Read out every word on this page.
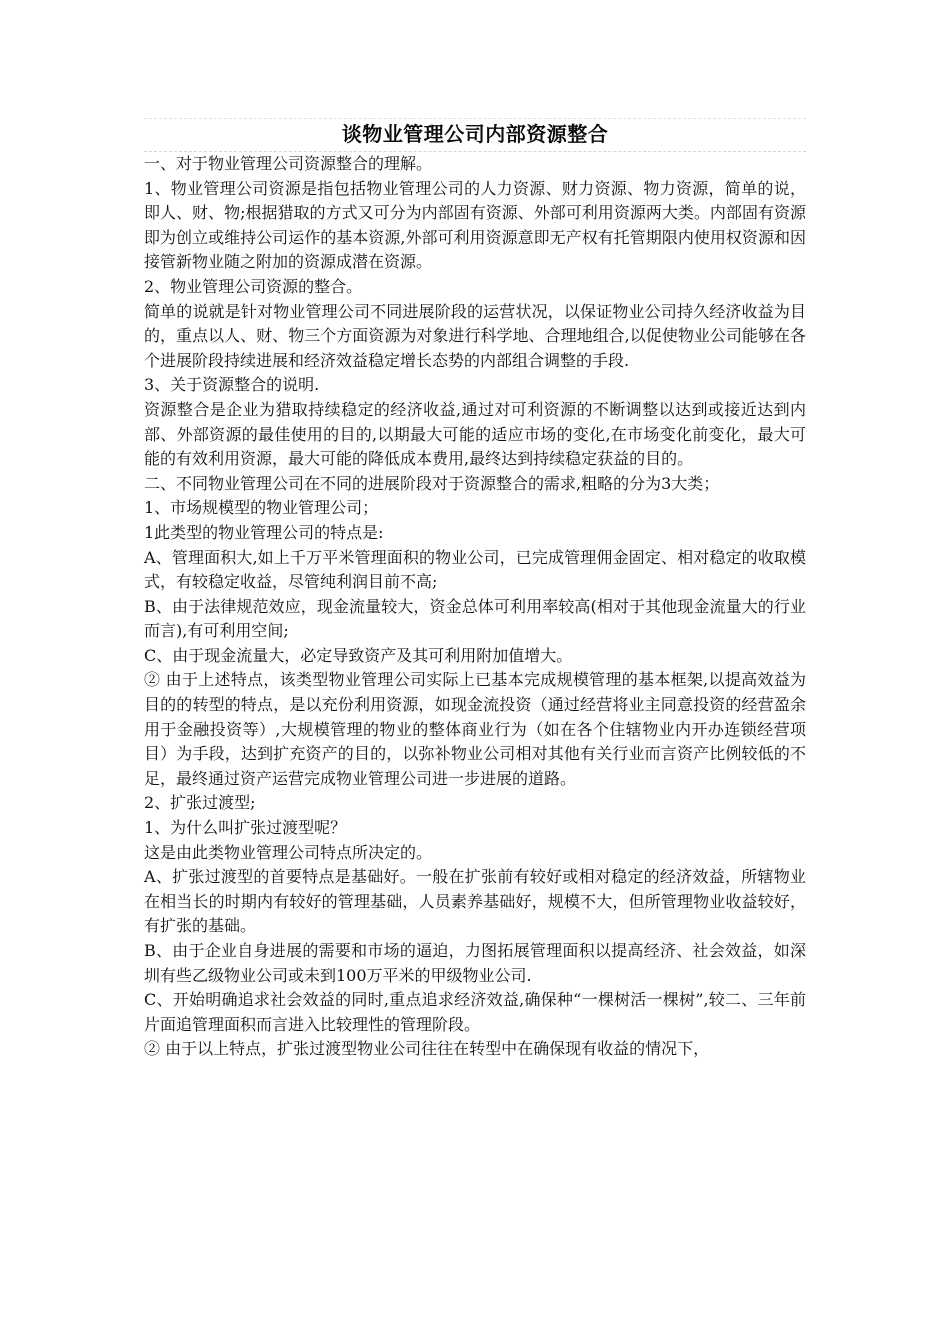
谈物业管理公司内部资源整合

一、对于物业管理公司资源整合的理解。

1、物业管理公司资源是指包括物业管理公司的人力资源、财力资源、物力资源，简单的说，即人、财、物;根据猎取的方式又可分为内部固有资源、外部可利用资源两大类。内部固有资源即为创立或维持公司运作的基本资源,外部可利用资源意即无产权有托管期限内使用权资源和因接管新物业随之附加的资源成潜在资源。

2、物业管理公司资源的整合。

简单的说就是针对物业管理公司不同进展阶段的运营状况，以保证物业公司持久经济收益为目的，重点以人、财、物三个方面资源为对象进行科学地、合理地组合,以促使物业公司能够在各个进展阶段持续进展和经济效益稳定增长态势的内部组合调整的手段.

3、关于资源整合的说明.

资源整合是企业为猎取持续稳定的经济收益,通过对可利资源的不断调整以达到或接近达到内部、外部资源的最佳使用的目的,以期最大可能的适应市场的变化,在市场变化前变化，最大可能的有效利用资源，最大可能的降低成本费用,最终达到持续稳定获益的目的。

二、不同物业管理公司在不同的进展阶段对于资源整合的需求,粗略的分为3大类；

1、市场规模型的物业管理公司；

1此类型的物业管理公司的特点是:

A、管理面积大,如上千万平米管理面积的物业公司，已完成管理佣金固定、相对稳定的收取模式，有较稳定收益，尽管纯利润目前不高;

B、由于法律规范效应，现金流量较大，资金总体可利用率较高(相对于其他现金流量大的行业而言),有可利用空间;

C、由于现金流量大，必定导致资产及其可利用附加值增大。

② 由于上述特点，该类型物业管理公司实际上已基本完成规模管理的基本框架,以提高效益为目的的转型的特点，是以充份利用资源，如现金流投资（通过经营将业主同意投资的经营盈余用于金融投资等）,大规模管理的物业的整体商业行为（如在各个住辖物业内开办连锁经营项目）为手段，达到扩充资产的目的，以弥补物业公司相对其他有关行业而言资产比例较低的不足，最终通过资产运营完成物业管理公司进一步进展的道路。

2、扩张过渡型;

1、为什么叫扩张过渡型呢？

这是由此类物业管理公司特点所决定的。

A、扩张过渡型的首要特点是基础好。一般在扩张前有较好或相对稳定的经济效益，所辖物业在相当长的时期内有较好的管理基础，人员素养基础好，规模不大，但所管理物业收益较好，有扩张的基础。

B、由于企业自身进展的需要和市场的逼迫，力图拓展管理面积以提高经济、社会效益，如深圳有些乙级物业公司或未到100万平米的甲级物业公司.

C、开始明确追求社会效益的同时,重点追求经济效益,确保种“一棵树活一棵树”,较二、三年前片面追管理面积而言进入比较理性的管理阶段。

② 由于以上特点，扩张过渡型物业公司往往在转型中在确保现有收益的情况下，
